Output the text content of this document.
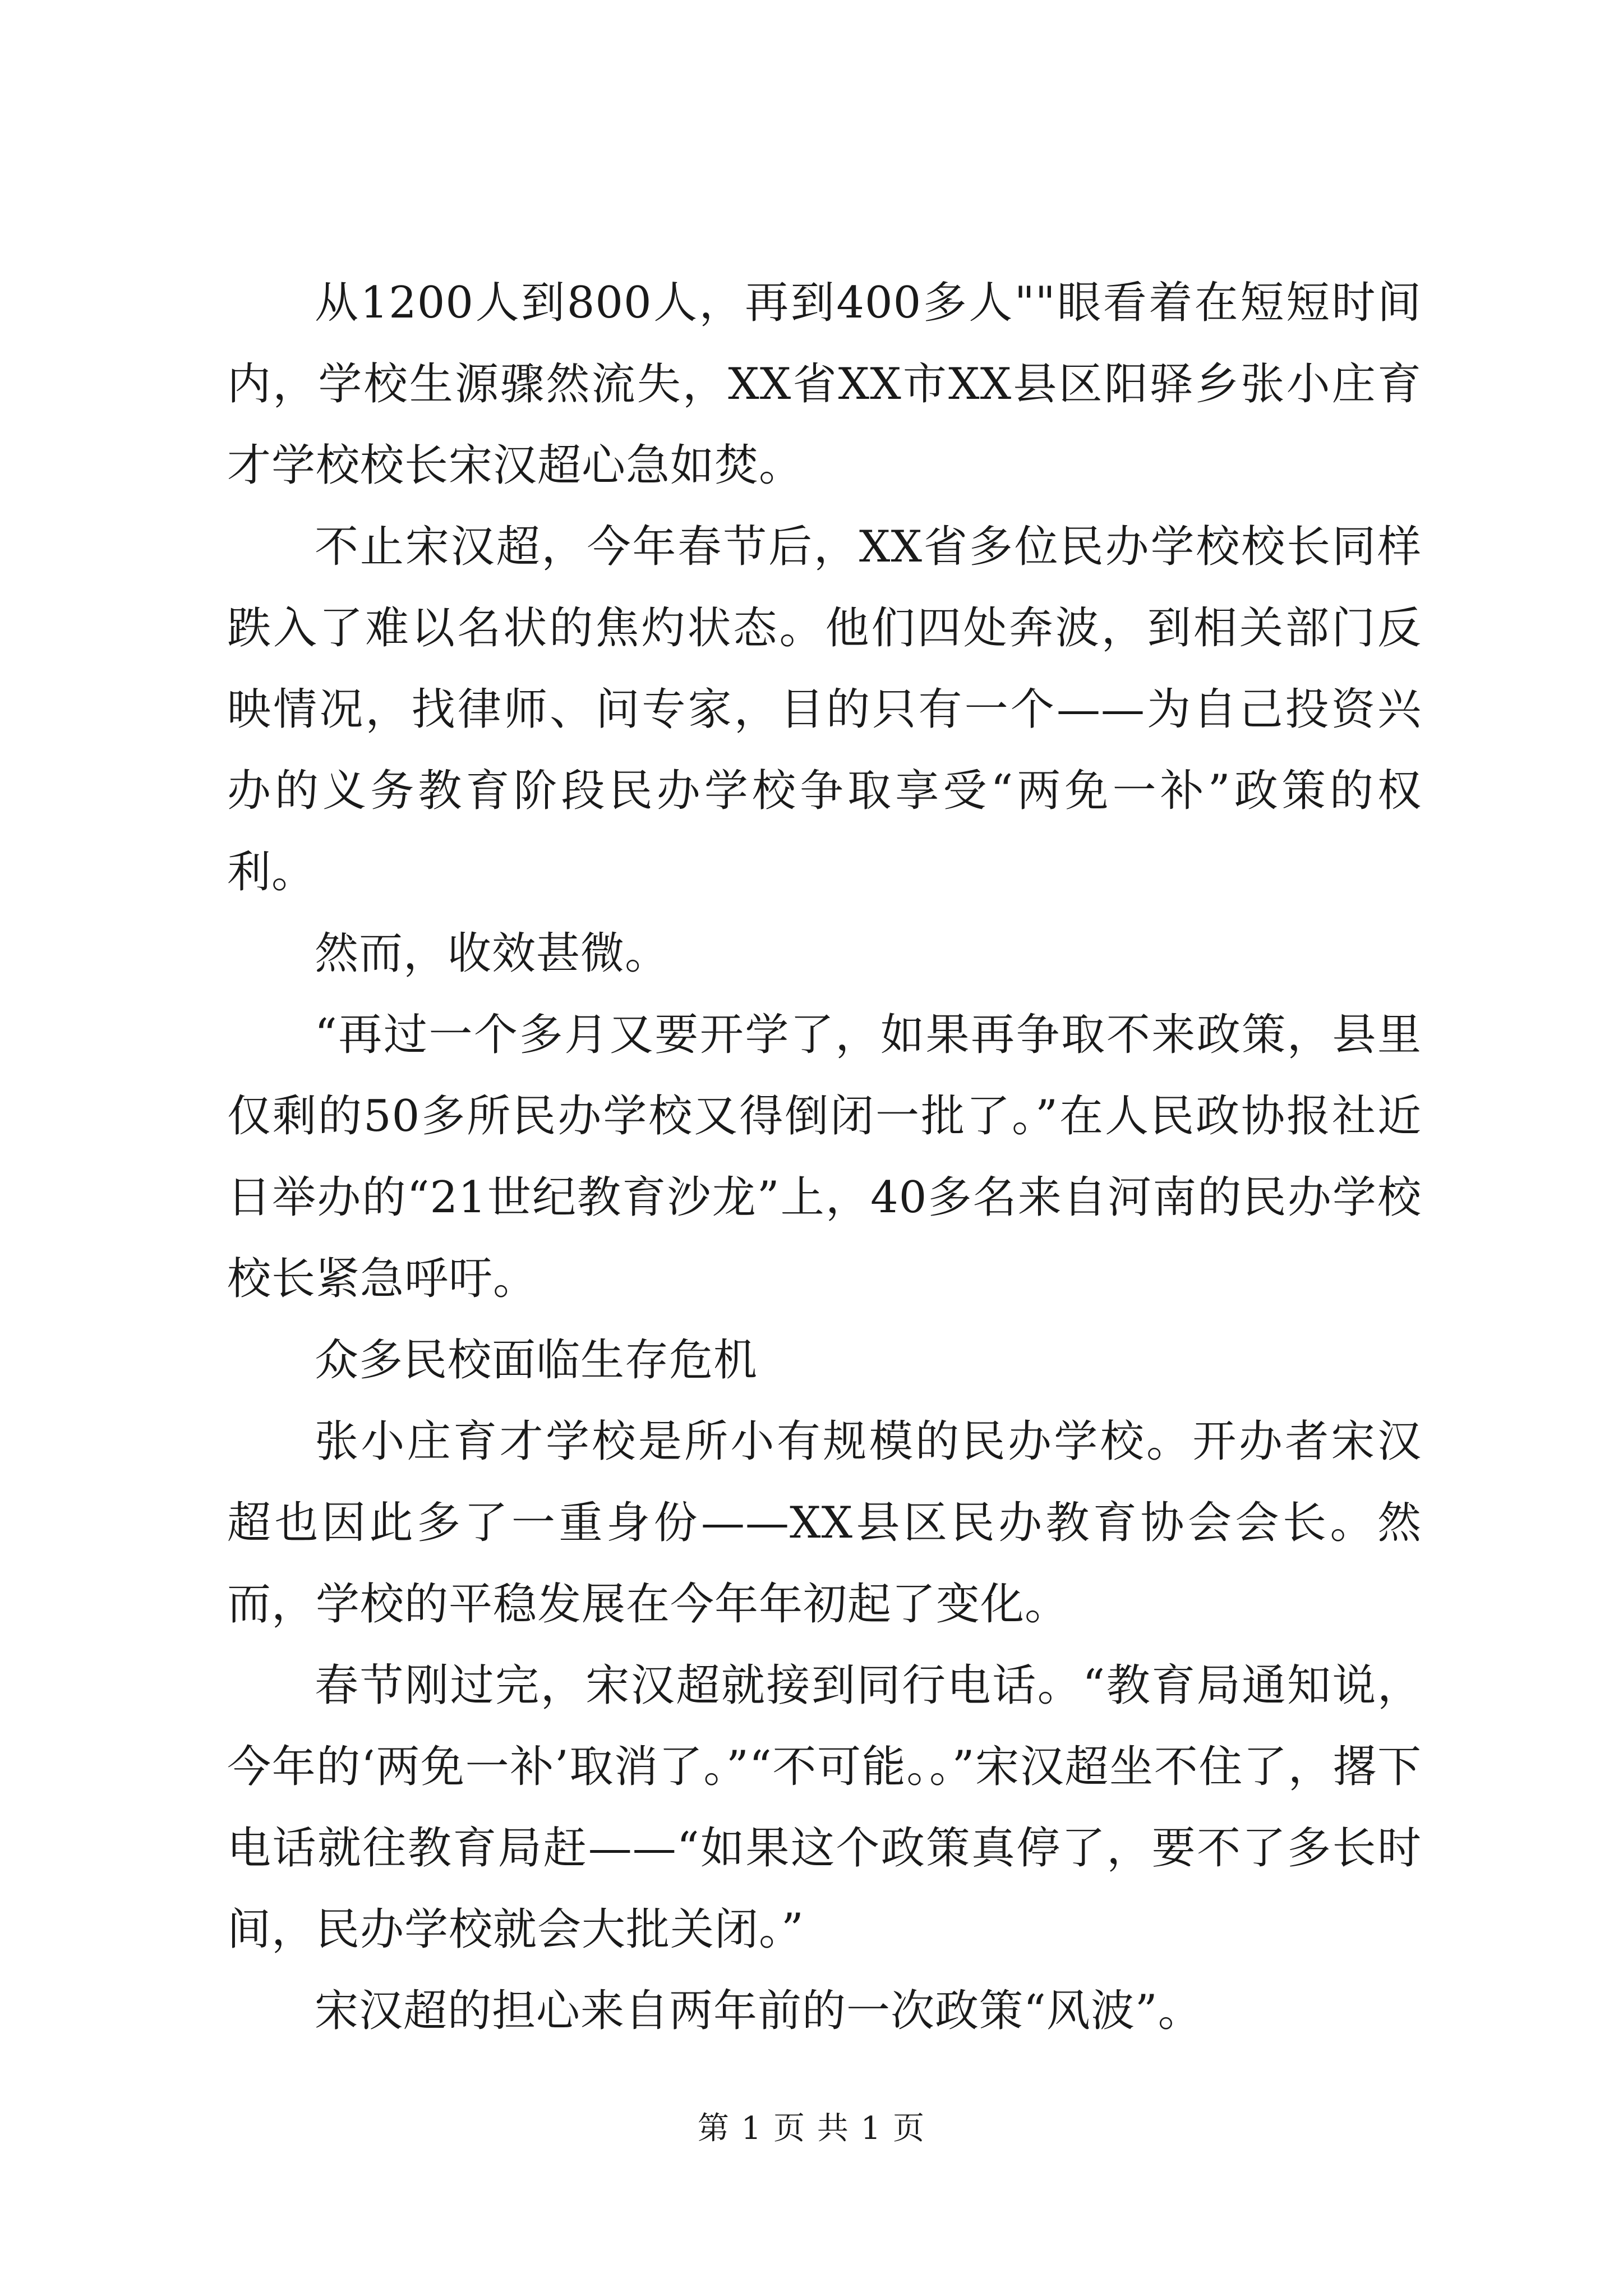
从1200人到800人，再到400多人""眼看着在短短时间内，学校生源骤然流失，XX省XX市XX县区阳驿乡张小庄育才学校校长宋汉超心急如焚。

不止宋汉超，今年春节后，XX省多位民办学校校长同样跌入了难以名状的焦灼状态。他们四处奔波，到相关部门反映情况，找律师、问专家，目的只有一个——为自己投资兴办的义务教育阶段民办学校争取享受“两免一补”政策的权利。

然而，收效甚微。

“再过一个多月又要开学了，如果再争取不来政策，县里仅剩的50多所民办学校又得倒闭一批了。”在人民政协报社近日举办的“21世纪教育沙龙”上，40多名来自河南的民办学校校长紧急呼吁。

众多民校面临生存危机

张小庄育才学校是所小有规模的民办学校。开办者宋汉超也因此多了一重身份——XX县区民办教育协会会长。然而，学校的平稳发展在今年年初起了变化。

春节刚过完，宋汉超就接到同行电话。“教育局通知说，今年的‘两免一补’取消了。”“不可能。。”宋汉超坐不住了，撂下电话就往教育局赶——“如果这个政策真停了，要不了多长时间，民办学校就会大批关闭。”

宋汉超的担心来自两年前的一次政策“风波”。

第 1 页 共 1 页
